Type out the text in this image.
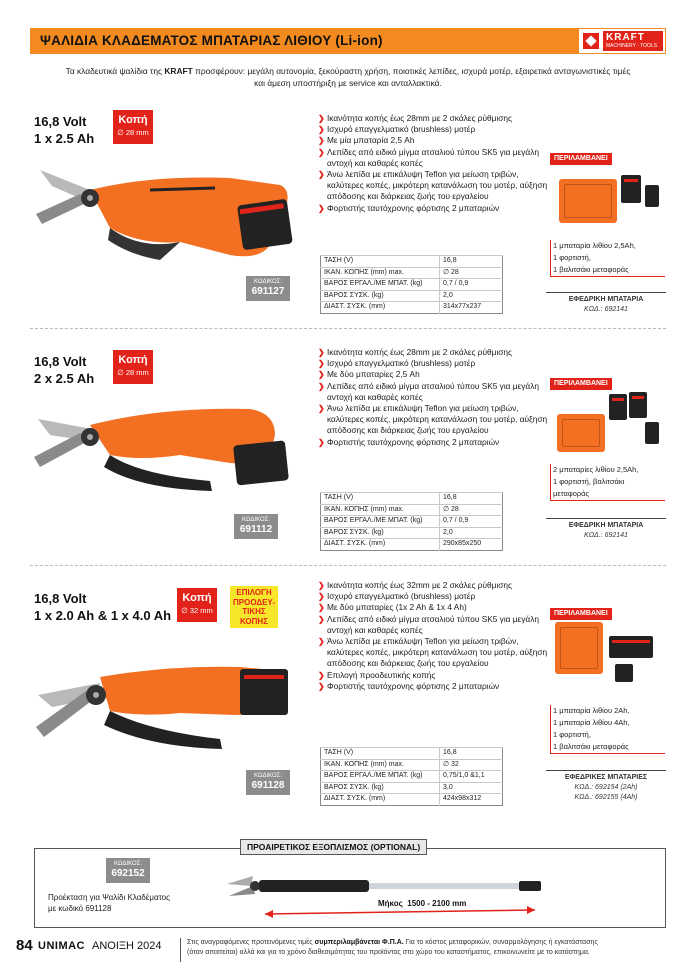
ΨΑΛΙΔΙΑ ΚΛΑΔΕΜΑΤΟΣ ΜΠΑΤΑΡΙΑΣ ΛΙΘΙΟΥ (Li-ion)	KRAFT
MACHINERY · TOOLS
Τα κλαδευτικά ψαλίδια της KRAFT προσφέρουν: μεγάλη αυτονομία, ξεκούραστη χρήση, ποιοτικές λεπίδες, ισχυρά μοτέρ, εξαιρετικά ανταγωνιστικές τιμές
και άμεση υποστήριξη με service και ανταλλακτικά.
16,8 Volt
1 x 2.5 Ah
Κοπή
∅ 28 mm
❯ Ικανότητα κοπής έως 28mm με 2 σκάλες ρύθμισης
❯ Ισχυρό επαγγελματικό (brushless) μοτέρ
❯ Με μία μπαταρία 2,5 Ah
❯ Λεπίδες από ειδικό μίγμα ατσαλιού τύπου SK5 για μεγάλη αντοχή και καθαρές κοπές
❯ Άνω λεπίδα με επικάλυψη Teflon για μείωση τριβών, καλύτερες κοπές, μικρότερη κατανάλωση του μοτέρ, αύξηση απόδοσης και διάρκειας ζωής του εργαλείου
❯ Φορτιστής ταυτόχρονης φόρτισης 2 μπαταριών
ΤΑΣΗ (V)	16,8
ΙΚΑΝ. ΚΟΠΗΣ (mm) max.	∅ 28
ΒΑΡΟΣ ΕΡΓΑΛ./ΜΕ ΜΠΑΤ. (kg)	0,7 / 0,9
ΒΑΡΟΣ ΣΥΣΚ. (kg)	2,0
ΔΙΑΣΤ. ΣΥΣΚ. (mm)	314x77x237
ΚΩΔΙΚΟΣ:
691127
ΠΕΡΙΛΑΜΒΑΝΕΙ
1 μπαταρία λιθίου 2,5Ah,
1 φορτιστή,
1 βαλιτσάκι μεταφοράς
ΕΦΕΔΡΙΚΗ ΜΠΑΤΑΡΙΑ
ΚΩΔ.: 692141
16,8 Volt
2 x 2.5 Ah
Κοπή
∅ 28 mm
❯ Ικανότητα κοπής έως 28mm με 2 σκάλες ρύθμισης
❯ Ισχυρό επαγγελματικό (brushless) μοτέρ
❯ Με δύο μπαταρίες 2,5 Ah
❯ Λεπίδες από ειδικό μίγμα ατσαλιού τύπου SK5 για μεγάλη αντοχή και καθαρές κοπές
❯ Άνω λεπίδα με επικάλυψη Teflon για μείωση τριβών, καλύτερες κοπές, μικρότερη κατανάλωση του μοτέρ, αύξηση απόδοσης και διάρκειας ζωής του εργαλείου
❯ Φορτιστής ταυτόχρονης φόρτισης 2 μπαταριών
ΤΑΣΗ (V)	16,8
ΙΚΑΝ. ΚΟΠΗΣ (mm) max.	∅ 28
ΒΑΡΟΣ ΕΡΓΑΛ./ΜΕ ΜΠΑΤ. (kg)	0,7 / 0,9
ΒΑΡΟΣ ΣΥΣΚ. (kg)	2,0
ΔΙΑΣΤ. ΣΥΣΚ. (mm)	290x85x250
ΚΩΔΙΚΟΣ:
691112
ΠΕΡΙΛΑΜΒΑΝΕΙ
2 μπαταρίες λιθίου 2,5Ah,
1 φορτιστή, βαλιτσάκι
μεταφοράς
ΕΦΕΔΡΙΚΗ ΜΠΑΤΑΡΙΑ
ΚΩΔ.: 692141
16,8 Volt
1 x 2.0 Ah & 1 x 4.0 Ah
Κοπή
∅ 32 mm
ΕΠΙΛΟΓΗ
ΠΡΟΟΔΕΥ-
ΤΙΚΗΣ
ΚΟΠΗΣ
❯ Ικανότητα κοπής έως 32mm με 2 σκάλες ρύθμισης
❯ Ισχυρό επαγγελματικό (brushless) μοτέρ
❯ Με δύο μπαταρίες (1x 2 Ah & 1x 4 Ah)
❯ Λεπίδες από ειδικό μίγμα ατσαλιού τύπου SK5 για μεγάλη αντοχή και καθαρές κοπές
❯ Άνω λεπίδα με επικάλυψη Teflon για μείωση τριβών, καλύτερες κοπές, μικρότερη κατανάλωση του μοτέρ, αύξηση απόδοσης και διάρκειας ζωής του εργαλείου
❯ Επιλογή προοδευτικής κοπής
❯ Φορτιστής ταυτόχρονης φόρτισης 2 μπαταριών
ΤΑΣΗ (V)	16,8
ΙΚΑΝ. ΚΟΠΗΣ (mm) max.	∅ 32
ΒΑΡΟΣ ΕΡΓΑΛ./ΜΕ ΜΠΑΤ. (kg)	0,75/1,0 &1,1
ΒΑΡΟΣ ΣΥΣΚ. (kg)	3,0
ΔΙΑΣΤ. ΣΥΣΚ. (mm)	424x98x312
ΚΩΔΙΚΟΣ:
691128
ΠΕΡΙΛΑΜΒΑΝΕΙ
1 μπαταρία λιθίου 2Ah,
1 μπαταρία λιθίου 4Ah,
1 φορτιστή,
1 βαλιτσάκι μεταφοράς
ΕΦΕΔΡΙΚΕΣ ΜΠΑΤΑΡΙΕΣ
ΚΩΔ.: 692154 (2Ah)
ΚΩΔ.: 692155 (4Ah)
ΠΡΟΑΙΡΕΤΙΚΟΣ ΕΞΟΠΛΙΣΜΟΣ (OPTIONAL)
ΚΩΔΙΚΟΣ:
692152
Προέκταση για Ψαλίδι Κλαδέματος
με κωδικό 691128
Μήκος 1500 - 2100 mm
84 UNIMAC ΑΝΟΙΞΗ 2024	Στις αναγραφόμενες προτεινόμενες τιμές συμπεριλαμβάνεται Φ.Π.Α. Για το κόστος μεταφορικών, συναρμολόγησης ή εγκατάστασης
(όταν απαιτείται) αλλά και για το χρόνο διαθεσιμότητας του προϊόντος στο χώρο του καταστήματος, επικοινωνείτε με το κατάστημα.
